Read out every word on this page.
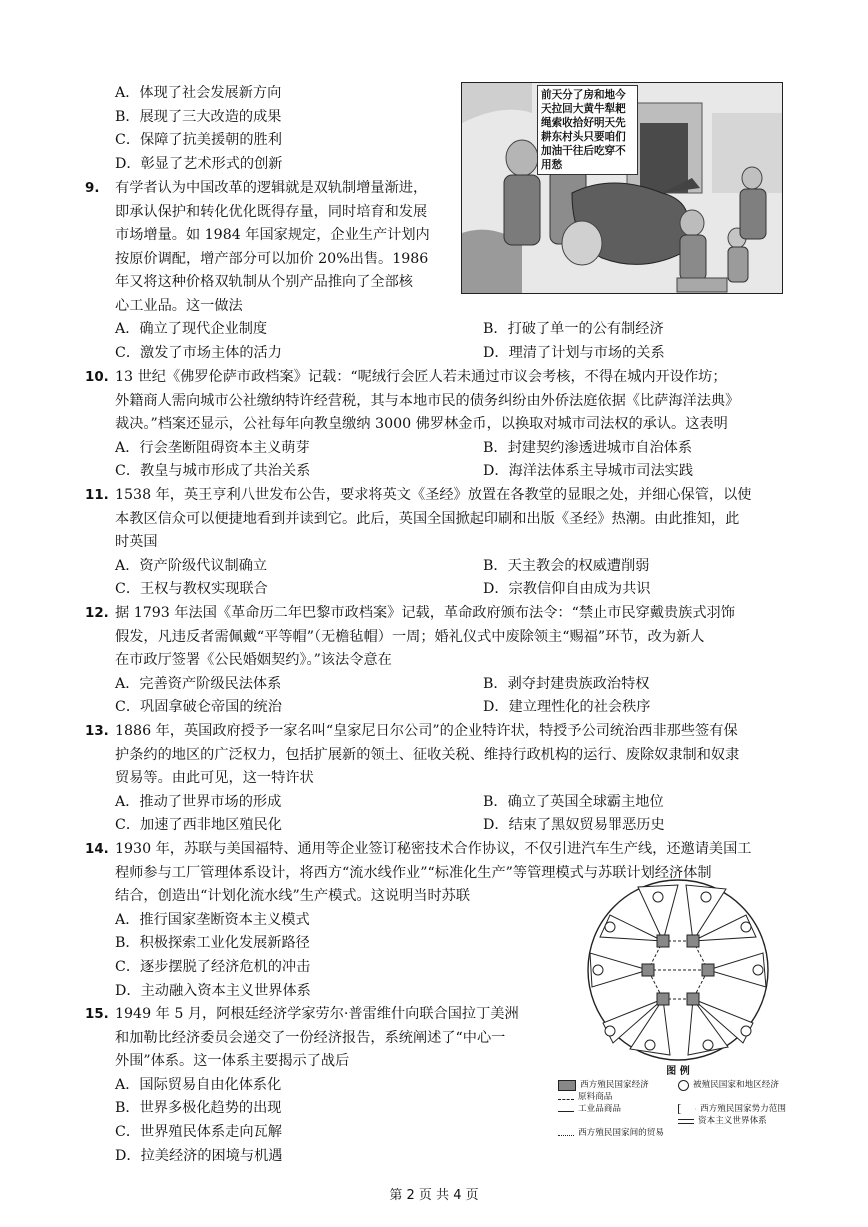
A．体现了社会发展新方向
B．展现了三大改造的成果
C．保障了抗美援朝的胜利
D．彰显了艺术形式的创新
前天分了房和地今天拉回大黄牛犁耙绳索收拾好明天先耕东村头只要咱们加油干往后吃穿不用愁
9. 有学者认为中国改革的逻辑就是双轨制增量渐进，
即承认保护和转化优化既得存量，同时培育和发展
市场增量。如 1984 年国家规定，企业生产计划内
按原价调配，增产部分可以加价 20%出售。1986
年又将这种价格双轨制从个别产品推向了全部核
心工业品。这一做法
A．确立了现代企业制度	B．打破了单一的公有制经济
C．激发了市场主体的活力	D．理清了计划与市场的关系
10. 13 世纪《佛罗伦萨市政档案》记载：“呢绒行会匠人若未通过市议会考核，不得在城内开设作坊；
外籍商人需向城市公社缴纳特许经营税，其与本地市民的债务纠纷由外侨法庭依据《比萨海洋法典》
裁决。”档案还显示，公社每年向教皇缴纳 3000 佛罗林金币，以换取对城市司法权的承认。这表明
A．行会垄断阻碍资本主义萌芽	B．封建契约渗透进城市自治体系
C．教皇与城市形成了共治关系	D．海洋法体系主导城市司法实践
11. 1538 年，英王亨利八世发布公告，要求将英文《圣经》放置在各教堂的显眼之处，并细心保管，以使
本教区信众可以便捷地看到并读到它。此后，英国全国掀起印刷和出版《圣经》热潮。由此推知，此
时英国
A．资产阶级代议制确立	B．天主教会的权威遭削弱
C．王权与教权实现联合	D．宗教信仰自由成为共识
12. 据 1793 年法国《革命历二年巴黎市政档案》记载，革命政府颁布法令：“禁止市民穿戴贵族式羽饰
假发，凡违反者需佩戴“平等帽”（无檐毡帽）一周；婚礼仪式中废除领主“赐福”环节，改为新人
在市政厅签署《公民婚姻契约》。”该法令意在
A．完善资产阶级民法体系	B．剥夺封建贵族政治特权
C．巩固拿破仑帝国的统治	D．建立理性化的社会秩序
13. 1886 年，英国政府授予一家名叫“皇家尼日尔公司”的企业特许状，特授予公司统治西非那些签有保
护条约的地区的广泛权力，包括扩展新的领土、征收关税、维持行政机构的运行、废除奴隶制和奴隶
贸易等。由此可见，这一特许状
A．推动了世界市场的形成	B．确立了英国全球霸主地位
C．加速了西非地区殖民化	D．结束了黑奴贸易罪恶历史
14. 1930 年，苏联与美国福特、通用等企业签订秘密技术合作协议，不仅引进汽车生产线，还邀请美国工
程师参与工厂管理体系设计，将西方“流水线作业”“标准化生产”等管理模式与苏联计划经济体制
结合，创造出“计划化流水线”生产模式。这说明当时苏联
A．推行国家垄断资本主义模式
B．积极探索工业化发展新路径
C．逐步摆脱了经济危机的冲击
D．主动融入资本主义世界体系
15. 1949 年 5 月，阿根廷经济学家劳尔·普雷维什向联合国拉丁美洲
和加勒比经济委员会递交了一份经济报告，系统阐述了“中心一
外围”体系。这一体系主要揭示了战后
A．国际贸易自由化体系化
B．世界多极化趋势的出现
C．世界殖民体系走向瓦解
D．拉美经济的困境与机遇
图 例
西方殖民国家经济	被殖民国家和地区经济
原料商品
工业品商品	西方殖民国家势力范围
资本主义世界体系
西方殖民国家间的贸易
第 2 页 共 4 页
